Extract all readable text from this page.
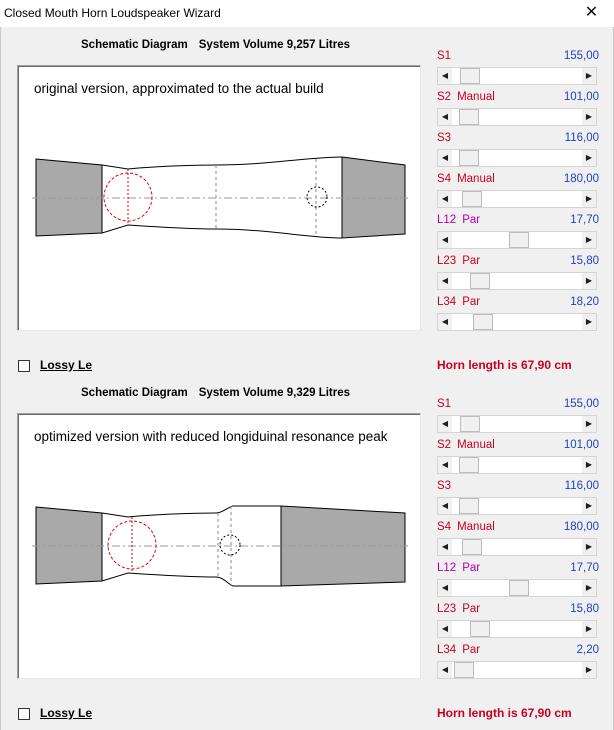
Closed Mouth Horn Loudspeaker Wizard	✕
Schematic Diagram System Volume 9,257 Litres
original version, approximated to the actual build
S1	155,00
◀	▶
S2 Manual	101,00
◀	▶
S3	116,00
◀	▶
S4 Manual	180,00
◀	▶
L12 Par	17,70
◀	▶
L23 Par	15,80
◀	▶
L34 Par	18,20
◀	▶
Lossy Le	Horn length is 67,90 cm
Schematic Diagram System Volume 9,329 Litres
optimized version with reduced longiduinal resonance peak
S1	155,00
◀	▶
S2 Manual	101,00
◀	▶
S3	116,00
◀	▶
S4 Manual	180,00
◀	▶
L12 Par	17,70
◀	▶
L23 Par	15,80
◀	▶
L34 Par	2,20
◀	▶
Lossy Le	Horn length is 67,90 cm
